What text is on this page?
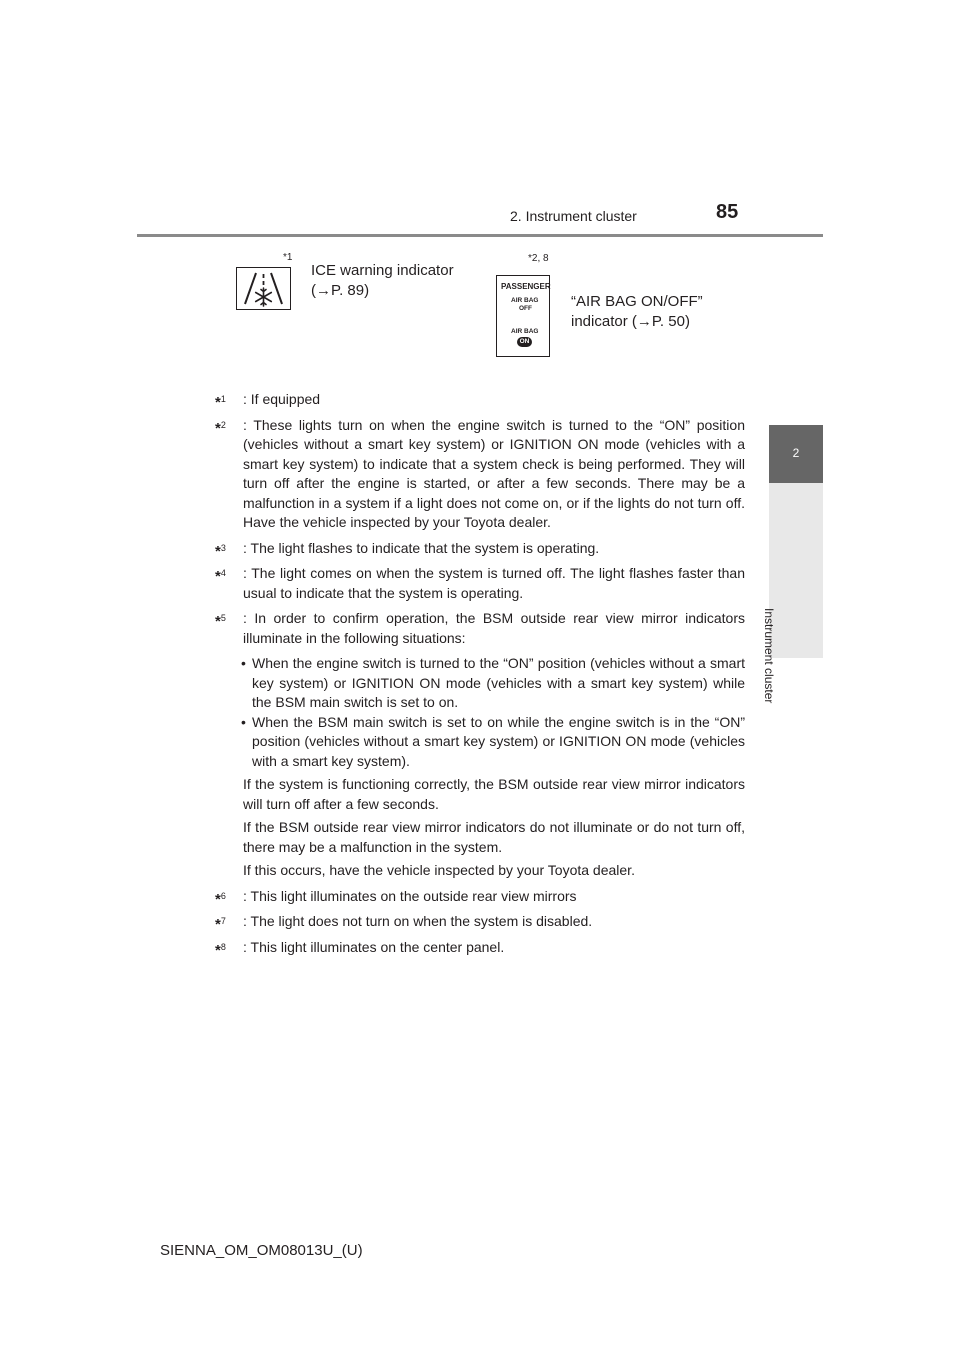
2. Instrument cluster	85
2
Instrument cluster
*1
ICE warning indicator
(→P. 89)	PASSENGER
AIR BAG
OFF
AIR BAG
ON
*2, 8
“AIR BAG ON/OFF”
indicator (→P. 50)
*$^1$ : If equipped
*$^2$ : These lights turn on when the engine switch is turned to the “ON” position (vehicles without a smart key system) or IGNITION ON mode (vehicles with a smart key system) to indicate that a system check is being performed. They will turn off after the engine is started, or after a few seconds. There may be a malfunction in a system if a light does not come on, or if the lights do not turn off. Have the vehicle inspected by your Toyota dealer.
*$^3$ : The light flashes to indicate that the system is operating.
*$^4$ : The light comes on when the system is turned off. The light flashes faster than usual to indicate that the system is operating.
*$^5$ : In order to confirm operation, the BSM outside rear view mirror indicators illuminate in the following situations:
• When the engine switch is turned to the “ON” position (vehicles without a smart key system) or IGNITION ON mode (vehicles with a smart key system) while the BSM main switch is set to on.
• When the BSM main switch is set to on while the engine switch is in the “ON” position (vehicles without a smart key system) or IGNITION ON mode (vehicles with a smart key system).
If the system is functioning correctly, the BSM outside rear view mirror indicators will turn off after a few seconds.
If the BSM outside rear view mirror indicators do not illuminate or do not turn off, there may be a malfunction in the system.
If this occurs, have the vehicle inspected by your Toyota dealer.
*$^6$ : This light illuminates on the outside rear view mirrors
*$^7$ : The light does not turn on when the system is disabled.
*$^8$ : This light illuminates on the center panel.
SIENNA_OM_OM08013U_(U)
